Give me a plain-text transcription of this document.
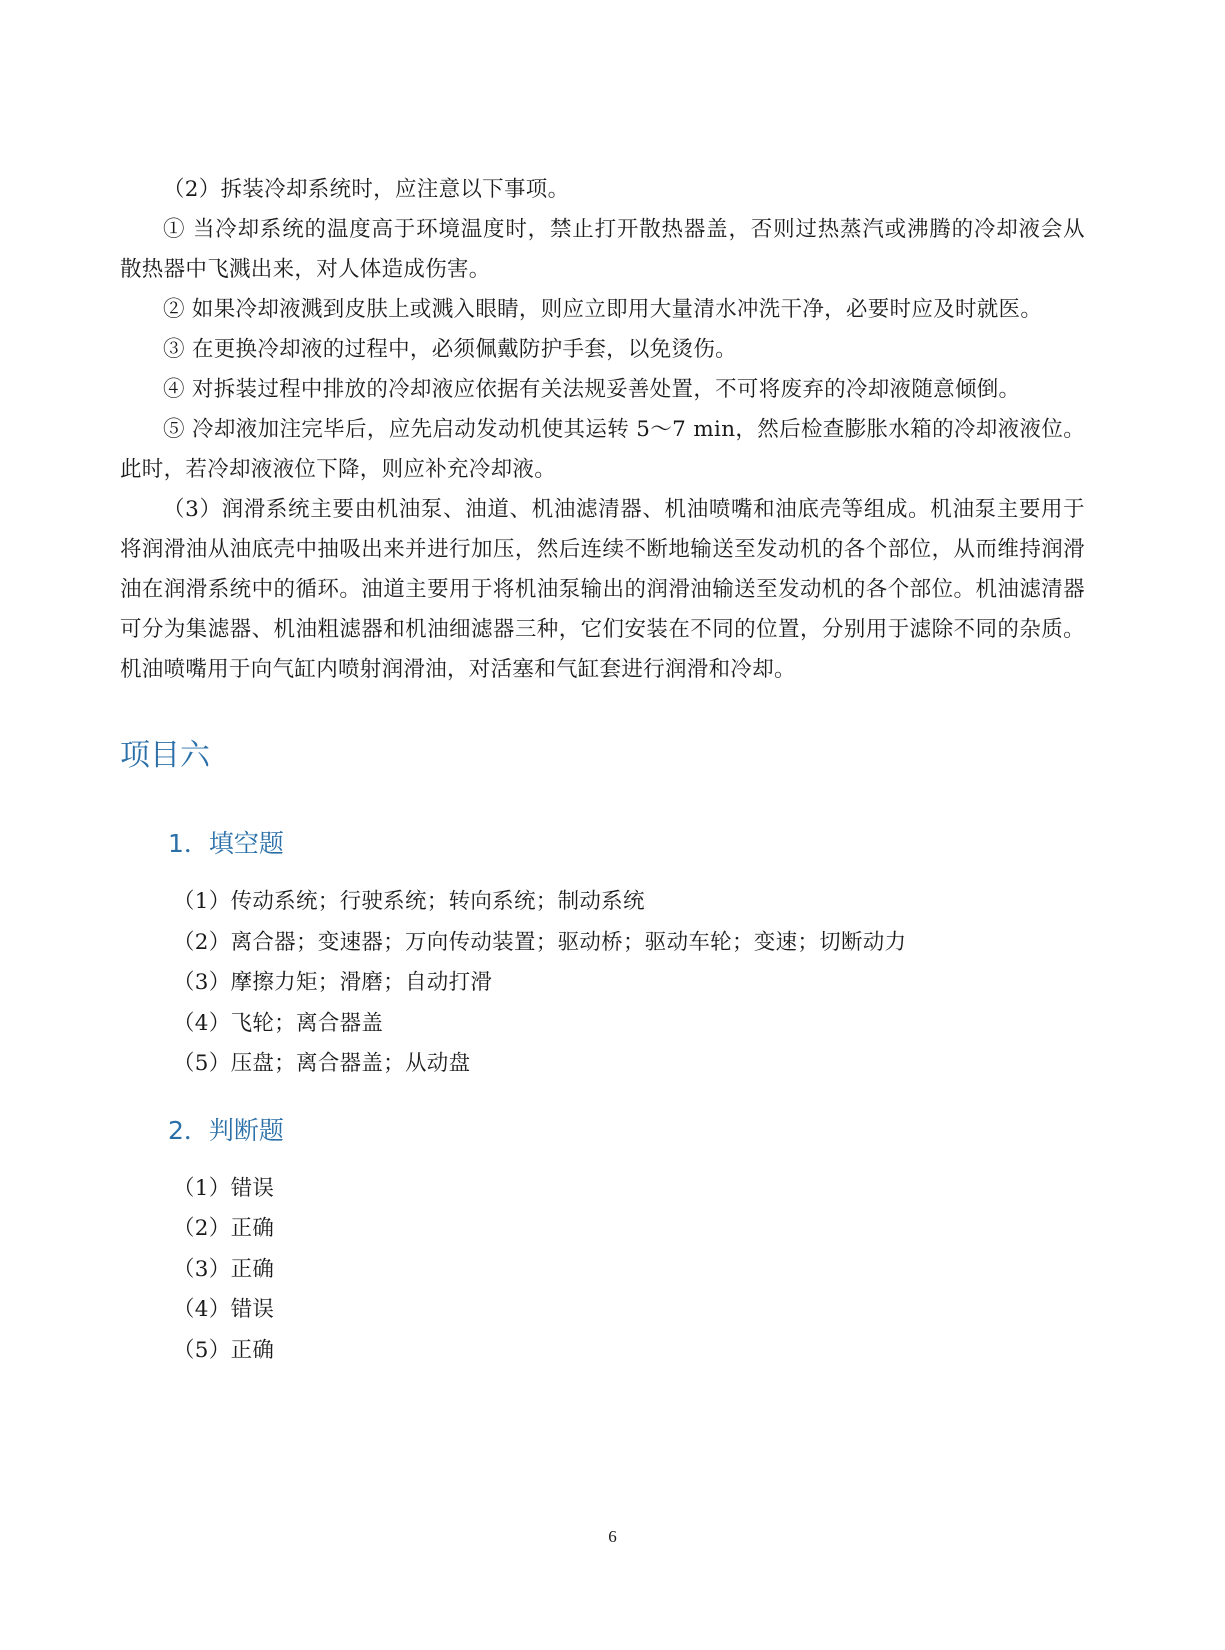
（2）拆装冷却系统时，应注意以下事项。

① 当冷却系统的温度高于环境温度时，禁止打开散热器盖，否则过热蒸汽或沸腾的冷却液会从散热器中飞溅出来，对人体造成伤害。

② 如果冷却液溅到皮肤上或溅入眼睛，则应立即用大量清水冲洗干净，必要时应及时就医。

③ 在更换冷却液的过程中，必须佩戴防护手套，以免烫伤。

④ 对拆装过程中排放的冷却液应依据有关法规妥善处置，不可将废弃的冷却液随意倾倒。

⑤ 冷却液加注完毕后，应先启动发动机使其运转 5～7 min，然后检查膨胀水箱的冷却液液位。此时，若冷却液液位下降，则应补充冷却液。

（3）润滑系统主要由机油泵、油道、机油滤清器、机油喷嘴和油底壳等组成。机油泵主要用于将润滑油从油底壳中抽吸出来并进行加压，然后连续不断地输送至发动机的各个部位，从而维持润滑油在润滑系统中的循环。油道主要用于将机油泵输出的润滑油输送至发动机的各个部位。机油滤清器可分为集滤器、机油粗滤器和机油细滤器三种，它们安装在不同的位置，分别用于滤除不同的杂质。机油喷嘴用于向气缸内喷射润滑油，对活塞和气缸套进行润滑和冷却。

项目六
1．填空题

（1）传动系统；行驶系统；转向系统；制动系统

（2）离合器；变速器；万向传动装置；驱动桥；驱动车轮；变速；切断动力

（3）摩擦力矩；滑磨；自动打滑

（4）飞轮；离合器盖

（5）压盘；离合器盖；从动盘

2．判断题

（1）错误

（2）正确

（3）正确

（4）错误

（5）正确

6
